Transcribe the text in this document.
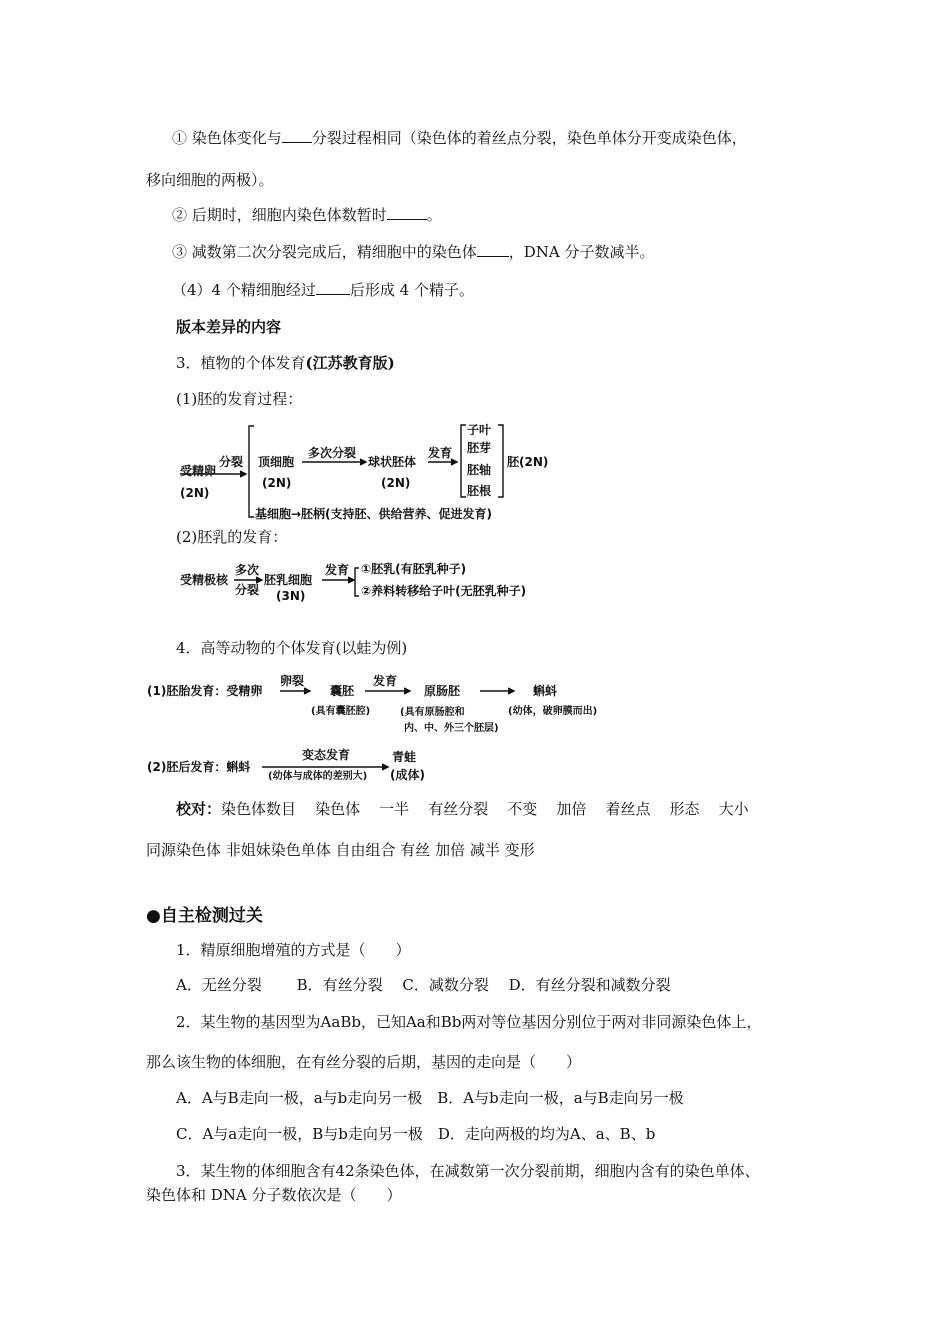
① 染色体变化与 分裂过程相同（染色体的着丝点分裂，染色单体分开变成染色体，
移向细胞的两极）。
② 后期时，细胞内染色体数暂时	。
③ 减数第二次分裂完成后，精细胞中的染色体 ，DNA 分子数减半。
（4）4 个精细胞经过 后形成 4 个精子。
版本差异的内容
3．植物的个体发育(江苏教育版)
(1)胚的发育过程：
受精卵
(2N)
分裂 顶细胞
(2N)
多次分裂
球状胚体
(2N)
发育
子叶
胚芽
胚轴
胚根
胚(2N)
基细胞→胚柄(支持胚、供给营养、促进发育)
(2)胚乳的发育：
受精极核
多次
分裂
胚乳细胞
(3N)
发育 ①胚乳(有胚乳种子)
②养料转移给子叶(无胚乳种子)
4．高等动物的个体发育(以蛙为例)
(1)胚胎发育：受精卵
卵裂
囊胚
(具有囊胚腔)
发育
原肠胚
(具有原肠腔和
内、中、外三个胚层)
蝌蚪
(幼体，破卵膜而出)
(2)胚后发育：蝌蚪
变态发育
(幼体与成体的差别大)
青蛙
(成体)
校对：染色体数目    染色体    一半    有丝分裂    不变    加倍    着丝点    形态    大小
同源染色体 非姐妹染色单体 自由组合 有丝 加倍 减半 变形
●自主检测过关
1．精原细胞增殖的方式是（　　）
A．无丝分裂　　 B．有丝分裂　 C．减数分裂　 D．有丝分裂和减数分裂
2．某生物的基因型为AaBb，已知Aa和Bb两对等位基因分别位于两对非同源染色体上，
那么该生物的体细胞，在有丝分裂的后期，基因的走向是（　　）
A．A与B走向一极，a与b走向另一极　B．A与b走向一极，a与B走向另一极
C．A与a走向一极，B与b走向另一极　D．走向两极的均为A、a、B、b
3．某生物的体细胞含有42条染色体，在减数第一次分裂前期，细胞内含有的染色单体、
染色体和 DNA 分子数依次是（　　）
